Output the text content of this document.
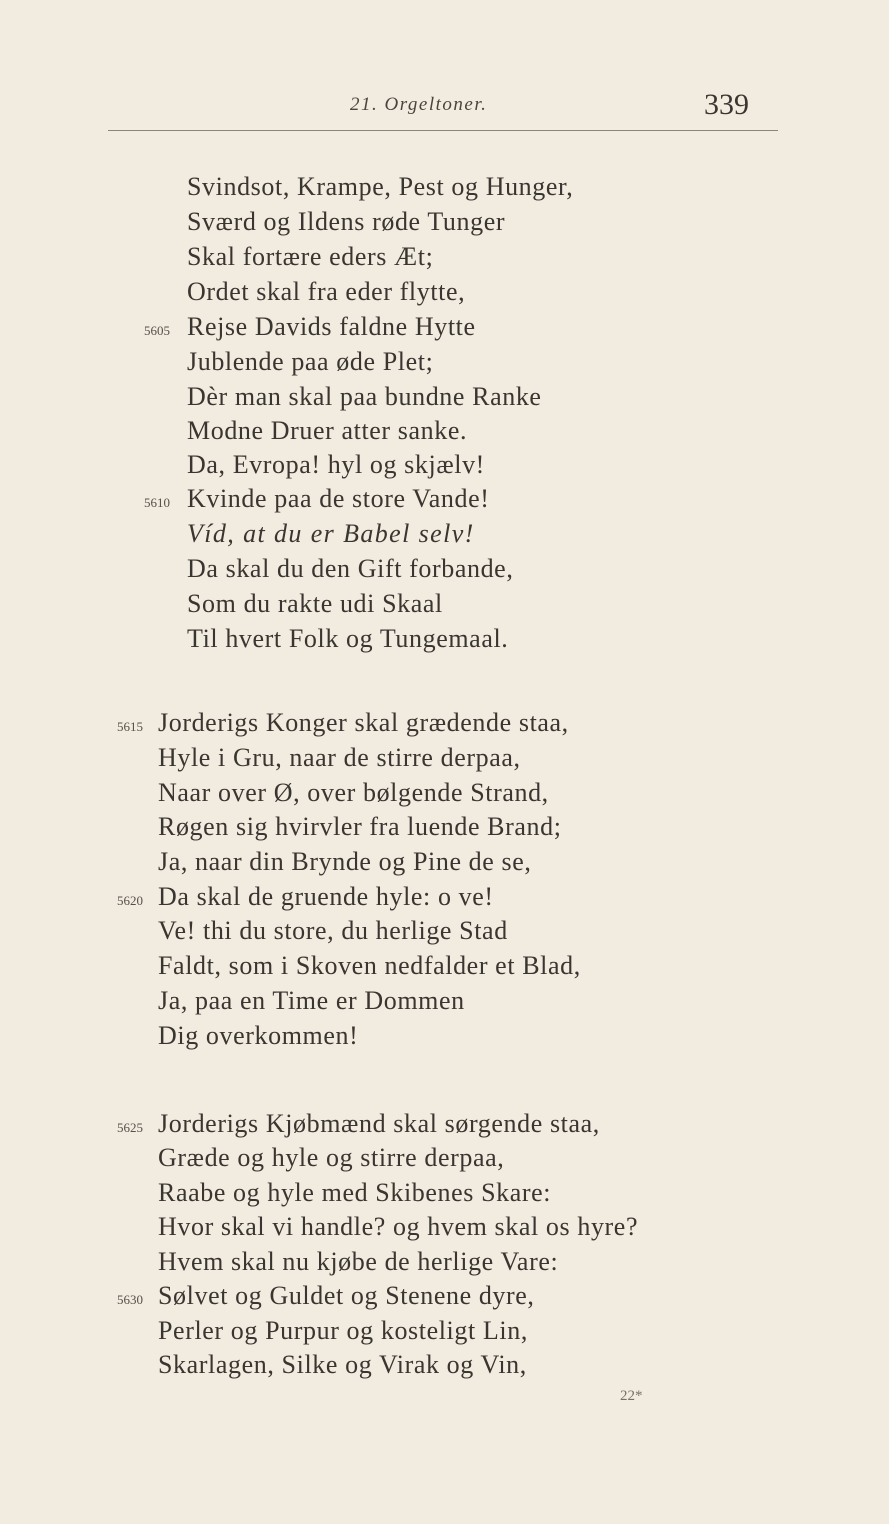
21. Orgeltoner.	339
Svindsot, Krampe, Pest og Hunger,
Sværd og Ildens røde Tunger
Skal fortære eders Æt;
Ordet skal fra eder flytte,
5605 Rejse Davids faldne Hytte
Jublende paa øde Plet;
Dèr man skal paa bundne Ranke
Modne Druer atter sanke.
Da, Evropa! hyl og skjælv!
5610 Kvinde paa de store Vande!
Víd, at du er Babel selv!
Da skal du den Gift forbande,
Som du rakte udi Skaal
Til hvert Folk og Tungemaal.
5615 Jorderigs Konger skal grædende staa,
Hyle i Gru, naar de stirre derpaa,
Naar over Ø, over bølgende Strand,
Røgen sig hvirvler fra luende Brand;
Ja, naar din Brynde og Pine de se,
5620 Da skal de gruende hyle: o ve!
Ve! thi du store, du herlige Stad
Faldt, som i Skoven nedfalder et Blad,
Ja, paa en Time er Dommen
Dig overkommen!
5625 Jorderigs Kjøbmænd skal sørgende staa,
Græde og hyle og stirre derpaa,
Raabe og hyle med Skibenes Skare:
Hvor skal vi handle? og hvem skal os hyre?
Hvem skal nu kjøbe de herlige Vare:
5630 Sølvet og Guldet og Stenene dyre,
Perler og Purpur og kosteligt Lin,
Skarlagen, Silke og Virak og Vin,
22*
